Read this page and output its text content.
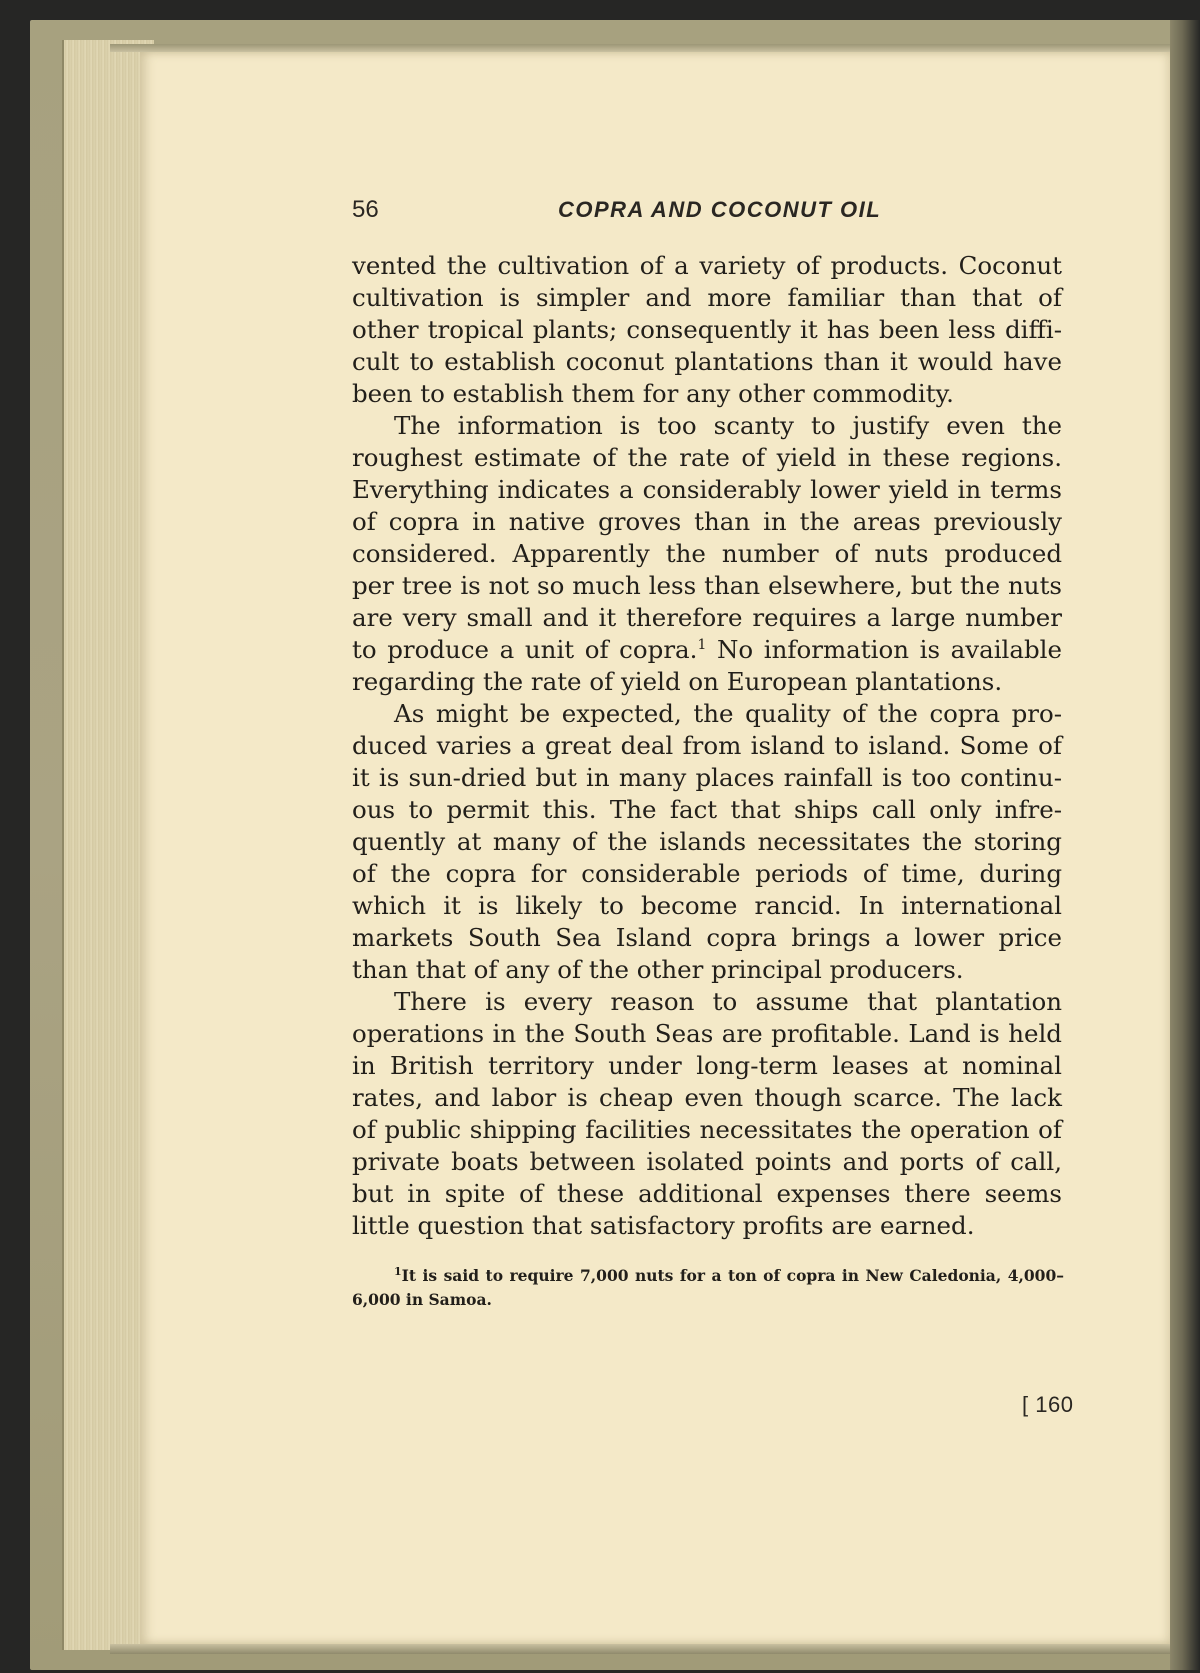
56	COPRA AND COCONUT OIL

vented the cultivation of a variety of products. Coconut cultivation is simpler and more familiar than that of other tropical plants; consequently it has been less difficult to establish coconut plantations than it would have been to establish them for any other commodity.

The information is too scanty to justify even the roughest estimate of the rate of yield in these regions. Everything indicates a considerably lower yield in terms of copra in native groves than in the areas previously considered. Apparently the number of nuts produced per tree is not so much less than elsewhere, but the nuts are very small and it therefore requires a large number to produce a unit of copra.$^1$ No information is available regarding the rate of yield on European plantations.

As might be expected, the quality of the copra produced varies a great deal from island to island. Some of it is sun-dried but in many places rainfall is too continuous to permit this. The fact that ships call only infrequently at many of the islands necessitates the storing of the copra for considerable periods of time, during which it is likely to become rancid. In international markets South Sea Island copra brings a lower price than that of any of the other principal producers.

There is every reason to assume that plantation operations in the South Seas are profitable. Land is held in British territory under long-term leases at nominal rates, and labor is cheap even though scarce. The lack of public shipping facilities necessitates the operation of private boats between isolated points and ports of call, but in spite of these additional expenses there seems little question that satisfactory profits are earned.

$^1$It is said to require 7,000 nuts for a ton of copra in New Caledonia, 4,000–6,000 in Samoa.

[ 160
